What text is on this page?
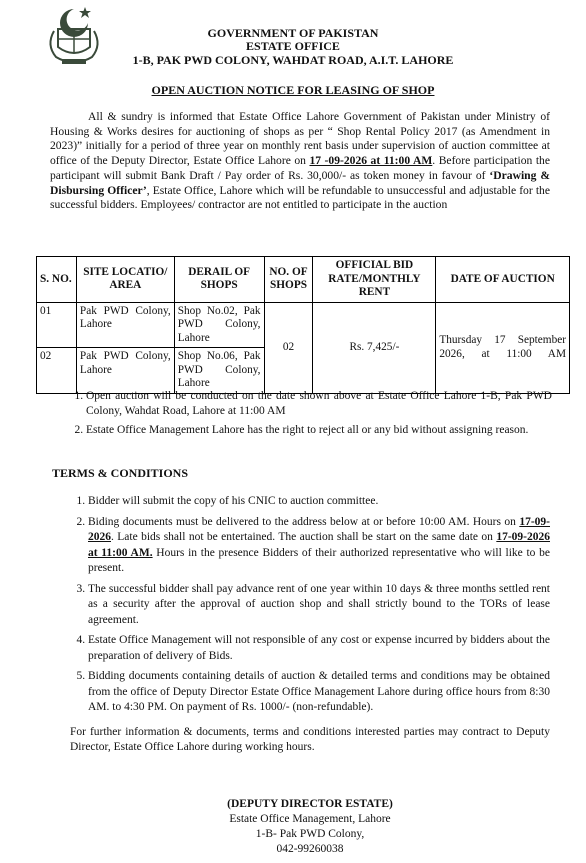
GOVERNMENT OF PAKISTAN
ESTATE OFFICE
1-B, PAK PWD COLONY, WAHDAT ROAD, A.I.T. LAHORE
OPEN AUCTION NOTICE FOR LEASING OF SHOP
All & sundry is informed that Estate Office Lahore Government of Pakistan under Ministry of Housing & Works desires for auctioning of shops as per “ Shop Rental Policy 2017 (as Amendment in 2023)” initially for a period of three year on monthly rent basis under supervision of auction committee at office of the Deputy Director, Estate Office Lahore on 17 -09-2026 at 11:00 AM. Before participation the participant will submit Bank Draft / Pay order of Rs. 30,000/- as token money in favour of ‘Drawing & Disbursing Officer’, Estate Office, Lahore which will be refundable to unsuccessful and adjustable for the successful bidders. Employees/ contractor are not entitled to participate in the auction
S. NO.	SITE LOCATIO/ AREA	DERAIL OF SHOPS	NO. OF SHOPS	OFFICIAL BID RATE/MONTHLY RENT	DATE OF AUCTION
01	Pak PWD Colony, Lahore	Shop No.02, Pak PWD Colony, Lahore	02	Rs. 7,425/-	Thursday 17 September 2026, at 11:00 AM
02	Pak PWD Colony, Lahore	Shop No.06, Pak PWD Colony, Lahore			
1. Open auction will be conducted on the date shown above at Estate Office Lahore 1-B, Pak PWD Colony, Wahdat Road, Lahore at 11:00 AM
2. Estate Office Management Lahore has the right to reject all or any bid without assigning reason.
TERMS & CONDITIONS
1. Bidder will submit the copy of his CNIC to auction committee.
2. Biding documents must be delivered to the address below at or before 10:00 AM. Hours on 17-09-2026. Late bids shall not be entertained. The auction shall be start on the same date on 17-09-2026 at 11:00 AM. Hours in the presence Bidders of their authorized representative who will like to be present.
3. The successful bidder shall pay advance rent of one year within 10 days & three months settled rent as a security after the approval of auction shop and shall strictly bound to the TORs of lease agreement.
4. Estate Office Management will not responsible of any cost or expense incurred by bidders about the preparation of delivery of Bids.
5. Bidding documents containing details of auction & detailed terms and conditions may be obtained from the office of Deputy Director Estate Office Management Lahore during office hours from 8:30 AM. to 4:30 PM. On payment of Rs. 1000/- (non-refundable).
For further information & documents, terms and conditions interested parties may contract to Deputy Director, Estate Office Lahore during working hours.
(DEPUTY DIRECTOR ESTATE)
Estate Office Management, Lahore
1-B- Pak PWD Colony,
042-99260038
